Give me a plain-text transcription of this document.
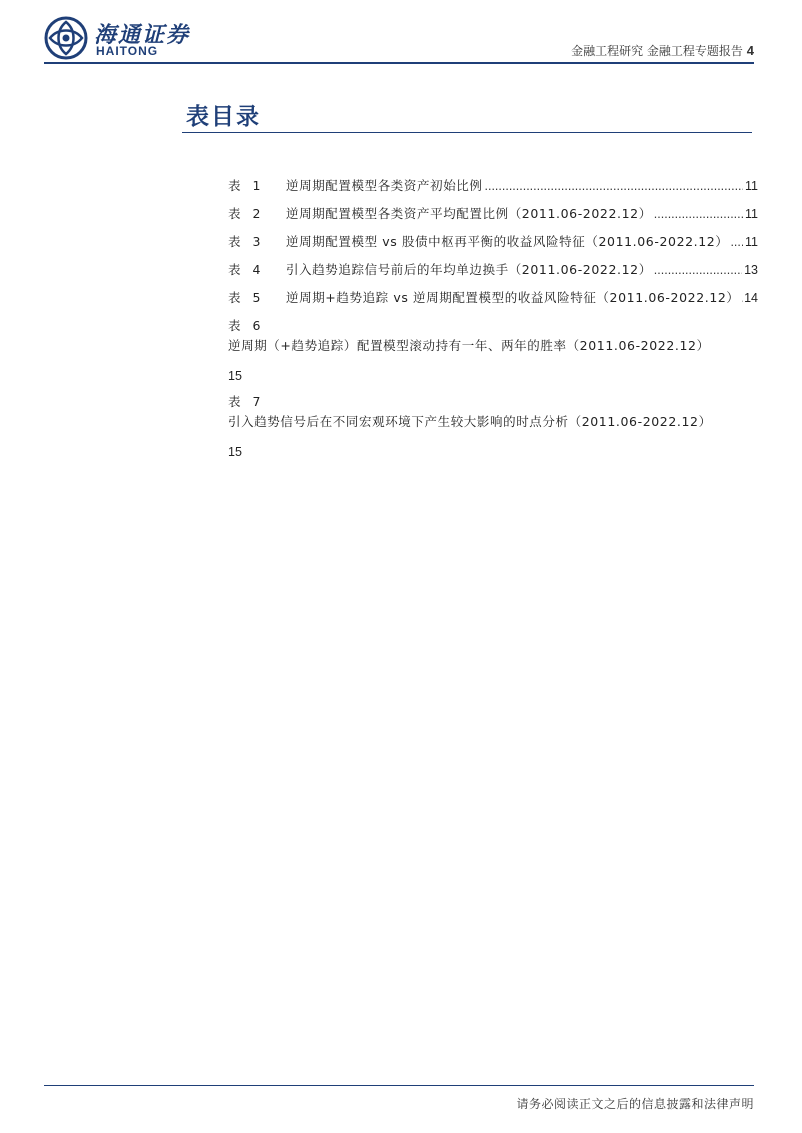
海通证券
HAITONG	金融工程研究 金融工程专题报告 4
表目录
表 1	逆周期配置模型各类资产初始比例 .....	11
表 2	逆周期配置模型各类资产平均配置比例（2011.06-2022.12） .....	11
表 3	逆周期配置模型 vs 股债中枢再平衡的收益风险特征（2011.06-2022.12） ..... 11
表 4	引入趋势追踪信号前后的年均单边换手（2011.06-2022.12） .....	13
表 5	逆周期+趋势追踪 vs 逆周期配置模型的收益风险特征（2011.06-2022.12） ..... 14
表 6
逆周期（+趋势追踪）配置模型滚动持有一年、两年的胜率（2011.06-2022.12）
15
表 7
引入趋势信号后在不同宏观环境下产生较大影响的时点分析（2011.06-2022.12）
15
请务必阅读正文之后的信息披露和法律声明
